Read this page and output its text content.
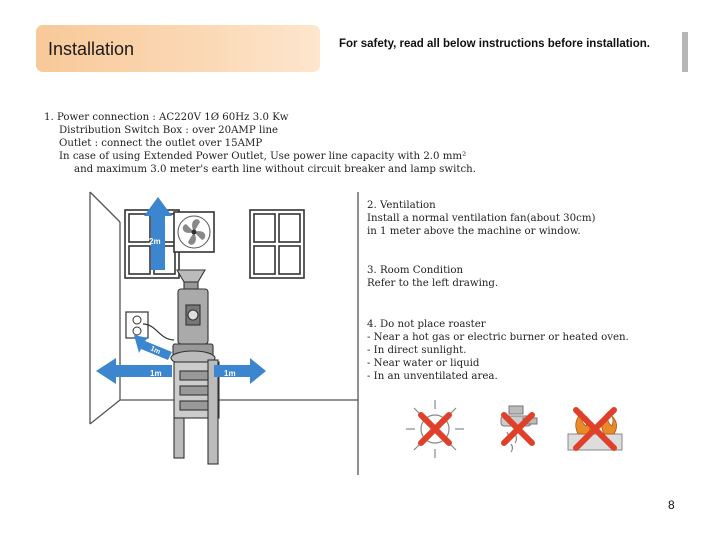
Installation	For safety, read all below instructions before installation.
1. Power connection : AC220V 1Ø 60Hz 3.0 Kw
Distribution Switch Box : over 20AMP line
Outlet : connect the outlet over 15AMP
In case of using Extended Power Outlet, Use power line capacity with 2.0 mm²
and maximum 3.0 meter's earth line without circuit breaker and lamp switch.
2m
1m
1m	1m
2. Ventilation
Install a normal ventilation fan(about 30cm)
in 1 meter above the machine or window.
3. Room Condition
Refer to the left drawing.
4. Do not place roaster
- Near a hot gas or electric burner or heated oven.
- In direct sunlight.
- Near water or liquid
- In an unventilated area.
8
